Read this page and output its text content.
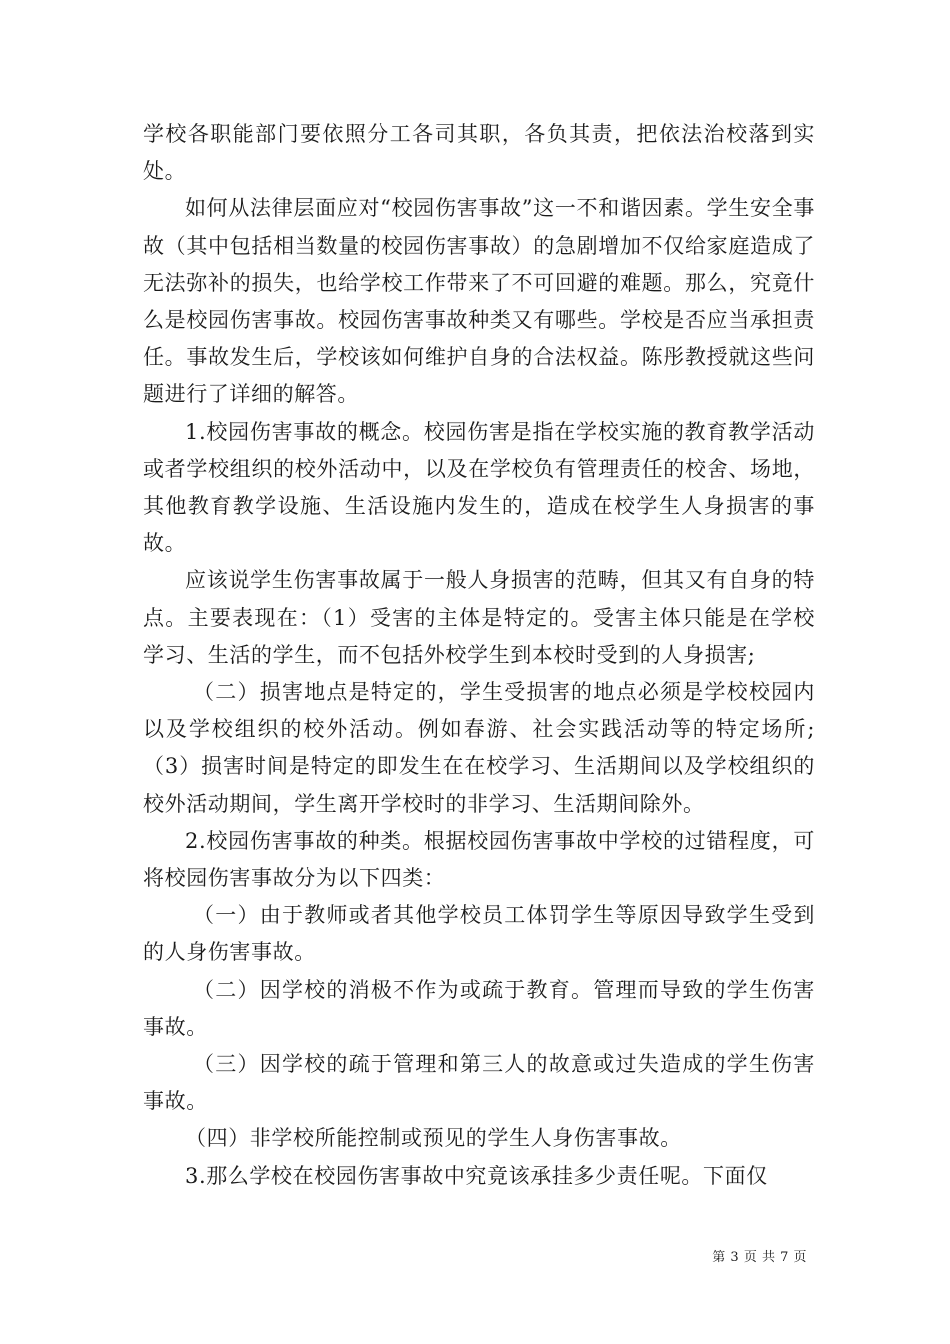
学校各职能部门要依照分工各司其职，各负其责，把依法治校落到实处。

如何从法律层面应对“校园伤害事故”这一不和谐因素。学生安全事故（其中包括相当数量的校园伤害事故）的急剧增加不仅给家庭造成了无法弥补的损失，也给学校工作带来了不可回避的难题。那么，究竟什么是校园伤害事故。校园伤害事故种类又有哪些。学校是否应当承担责任。事故发生后，学校该如何维护自身的合法权益。陈彤教授就这些问题进行了详细的解答。

1.校园伤害事故的概念。校园伤害是指在学校实施的教育教学活动或者学校组织的校外活动中，以及在学校负有管理责任的校舍、场地，其他教育教学设施、生活设施内发生的，造成在校学生人身损害的事故。

应该说学生伤害事故属于一般人身损害的范畴，但其又有自身的特点。主要表现在：（1）受害的主体是特定的。受害主体只能是在学校学习、生活的学生，而不包括外校学生到本校时受到的人身损害;

（二）损害地点是特定的，学生受损害的地点必须是学校校园内以及学校组织的校外活动。例如春游、社会实践活动等的特定场所;（3）损害时间是特定的即发生在在校学习、生活期间以及学校组织的校外活动期间，学生离开学校时的非学习、生活期间除外。

2.校园伤害事故的种类。根据校园伤害事故中学校的过错程度，可将校园伤害事故分为以下四类：

（一）由于教师或者其他学校员工体罚学生等原因导致学生受到的人身伤害事故。

（二）因学校的消极不作为或疏于教育。管理而导致的学生伤害事故。

（三）因学校的疏于管理和第三人的故意或过失造成的学生伤害事故。

（四）非学校所能控制或预见的学生人身伤害事故。

3.那么学校在校园伤害事故中究竟该承挂多少责任呢。下面仅

第 3 页 共 7 页
